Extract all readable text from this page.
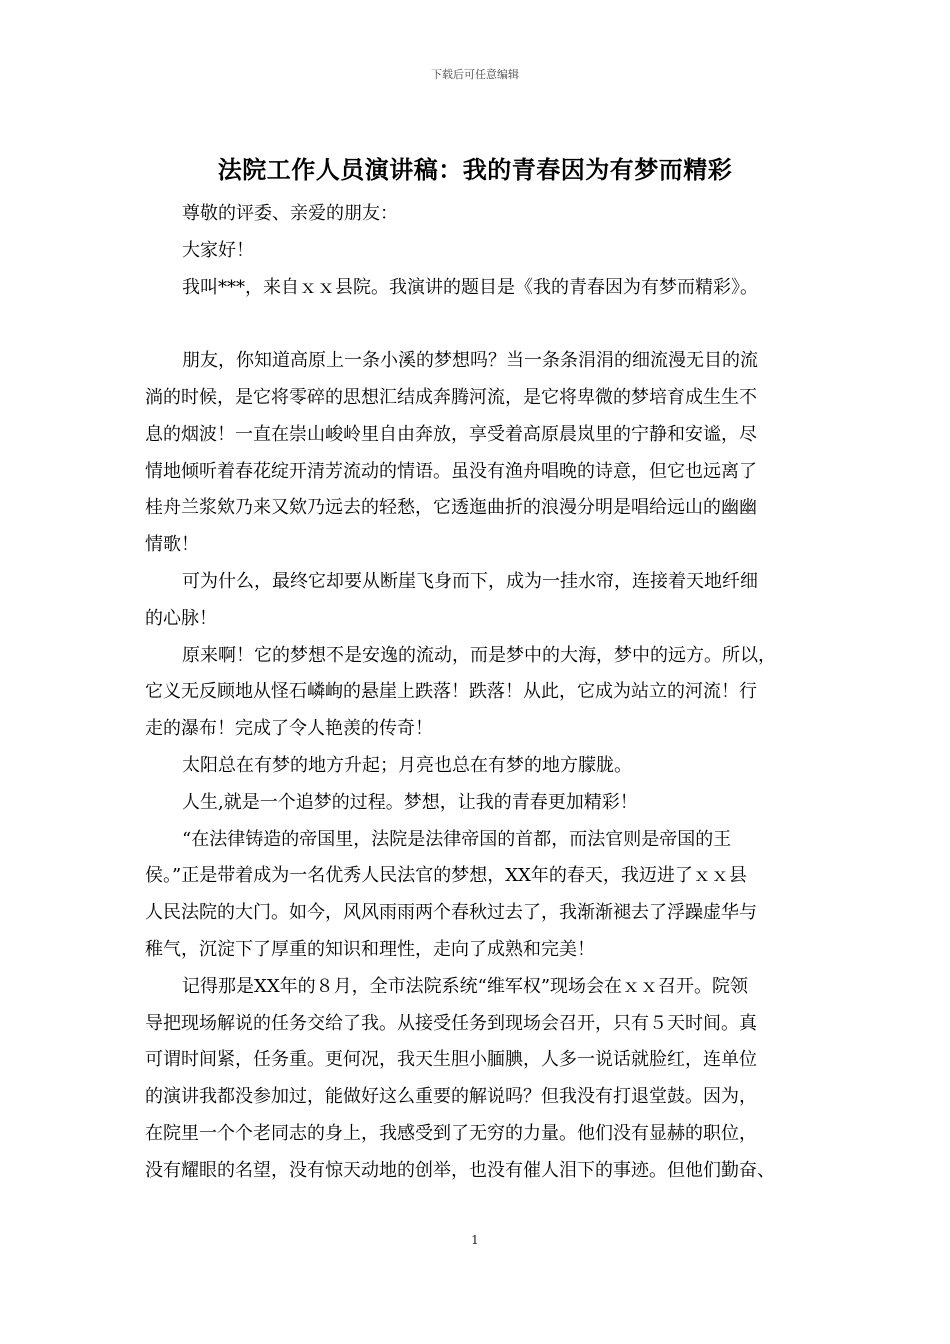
下载后可任意编辑
法院工作人员演讲稿：我的青春因为有梦而精彩
尊敬的评委、亲爱的朋友：
大家好！
我叫***，来自ｘｘ县院。我演讲的题目是《我的青春因为有梦而精彩》。
朋友，你知道高原上一条小溪的梦想吗？当一条条涓涓的细流漫无目的流
淌的时候，是它将零碎的思想汇结成奔腾河流，是它将卑微的梦培育成生生不
息的烟波！一直在崇山峻岭里自由奔放，享受着高原晨岚里的宁静和安谧，尽
情地倾听着春花绽开清芳流动的情语。虽没有渔舟唱晚的诗意，但它也远离了
桂舟兰浆欸乃来又欸乃远去的轻愁，它透迤曲折的浪漫分明是唱给远山的幽幽
情歌！
可为什么，最终它却要从断崖飞身而下，成为一挂水帘，连接着天地纤细
的心脉！
原来啊！它的梦想不是安逸的流动，而是梦中的大海，梦中的远方。所以，
它义无反顾地从怪石嶙峋的悬崖上跌落！跌落！从此，它成为站立的河流！行
走的瀑布！完成了令人艳羡的传奇！
太阳总在有梦的地方升起；月亮也总在有梦的地方朦胧。
人生,就是一个追梦的过程。梦想，让我的青春更加精彩！
“在法律铸造的帝国里，法院是法律帝国的首都，而法官则是帝国的王
侯。”正是带着成为一名优秀人民法官的梦想，XX年的春天，我迈进了ｘｘ县
人民法院的大门。如今，风风雨雨两个春秋过去了，我渐渐褪去了浮躁虚华与
稚气，沉淀下了厚重的知识和理性，走向了成熟和完美！
记得那是XX年的８月，全市法院系统“维军权”现场会在ｘｘ召开。院领
导把现场解说的任务交给了我。从接受任务到现场会召开，只有５天时间。真
可谓时间紧，任务重。更何况，我天生胆小腼腆，人多一说话就脸红，连单位
的演讲我都没参加过，能做好这么重要的解说吗？但我没有打退堂鼓。因为，
在院里一个个老同志的身上，我感受到了无穷的力量。他们没有显赫的职位，
没有耀眼的名望，没有惊天动地的创举，也没有催人泪下的事迹。但他们勤奋、
1
